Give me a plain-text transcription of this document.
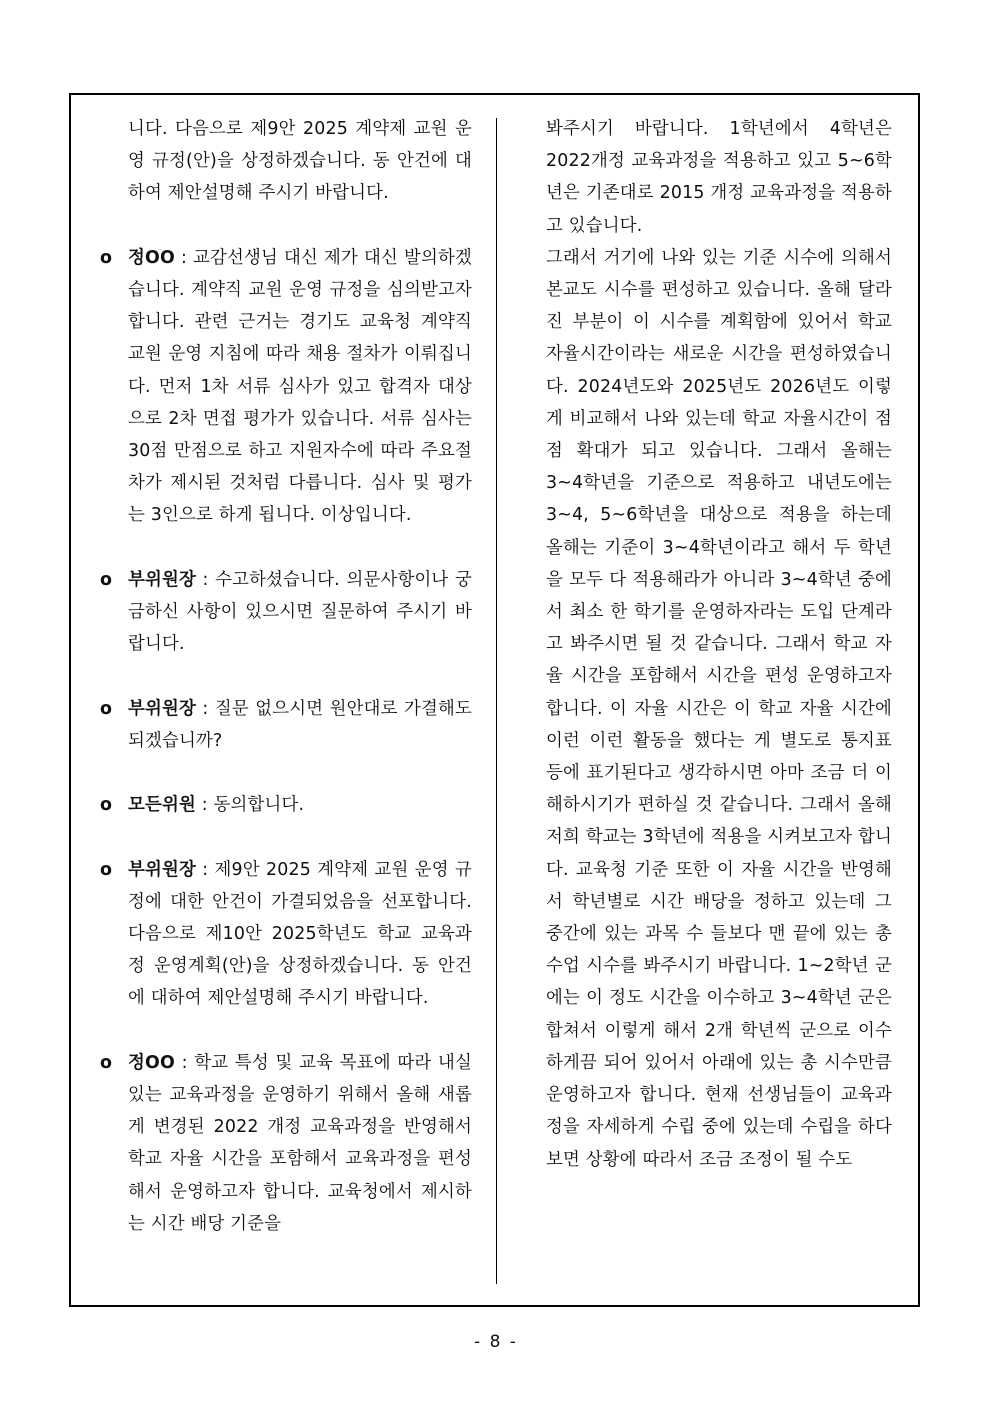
니다. 다음으로 제9안 2025 계약제 교원 운영 규정(안)을 상정하겠습니다. 동 안건에 대하여 제안설명해 주시기 바랍니다.

o 정OO : 교감선생님 대신 제가 대신 발의하겠습니다. 계약직 교원 운영 규정을 심의받고자 합니다. 관련 근거는 경기도 교육청 계약직 교원 운영 지침에 따라 채용 절차가 이뤄집니다. 먼저 1차 서류 심사가 있고 합격자 대상으로 2차 면접 평가가 있습니다. 서류 심사는 30점 만점으로 하고 지원자수에 따라 주요절차가 제시된 것처럼 다릅니다. 심사 및 평가는 3인으로 하게 됩니다. 이상입니다.

o 부위원장 : 수고하셨습니다. 의문사항이나 궁금하신 사항이 있으시면 질문하여 주시기 바랍니다.

o 부위원장 : 질문 없으시면 원안대로 가결해도 되겠습니까?

o 모든위원 : 동의합니다.

o 부위원장 : 제9안 2025 계약제 교원 운영 규정에 대한 안건이 가결되었음을 선포합니다. 다음으로 제10안 2025학년도 학교 교육과정 운영계획(안)을 상정하겠습니다. 동 안건에 대하여 제안설명해 주시기 바랍니다.

o 정OO : 학교 특성 및 교육 목표에 따라 내실 있는 교육과정을 운영하기 위해서 올해 새롭게 변경된 2022 개정 교육과정을 반영해서 학교 자율 시간을 포함해서 교육과정을 편성해서 운영하고자 합니다. 교육청에서 제시하는 시간 배당 기준을

봐주시기 바랍니다. 1학년에서 4학년은 2022개정 교육과정을 적용하고 있고 5~6학년은 기존대로 2015 개정 교육과정을 적용하고 있습니다.

그래서 거기에 나와 있는 기준 시수에 의해서 본교도 시수를 편성하고 있습니다. 올해 달라진 부분이 이 시수를 계획함에 있어서 학교 자율시간이라는 새로운 시간을 편성하였습니다. 2024년도와 2025년도 2026년도 이렇게 비교해서 나와 있는데 학교 자율시간이 점점 확대가 되고 있습니다. 그래서 올해는 3~4학년을 기준으로 적용하고 내년도에는 3~4, 5~6학년을 대상으로 적용을 하는데 올해는 기준이 3~4학년이라고 해서 두 학년을 모두 다 적용해라가 아니라 3~4학년 중에서 최소 한 학기를 운영하자라는 도입 단계라고 봐주시면 될 것 같습니다. 그래서 학교 자율 시간을 포함해서 시간을 편성 운영하고자 합니다. 이 자율 시간은 이 학교 자율 시간에 이런 이런 활동을 했다는 게 별도로 통지표 등에 표기된다고 생각하시면 아마 조금 더 이해하시기가 편하실 것 같습니다. 그래서 올해 저희 학교는 3학년에 적용을 시켜보고자 합니다. 교육청 기준 또한 이 자율 시간을 반영해서 학년별로 시간 배당을 정하고 있는데 그 중간에 있는 과목 수 들보다 맨 끝에 있는 총 수업 시수를 봐주시기 바랍니다. 1~2학년 군에는 이 정도 시간을 이수하고 3~4학년 군은 합쳐서 이렇게 해서 2개 학년씩 군으로 이수하게끔 되어 있어서 아래에 있는 총 시수만큼 운영하고자 합니다. 현재 선생님들이 교육과정을 자세하게 수립 중에 있는데 수립을 하다 보면 상황에 따라서 조금 조정이 될 수도

- 8 -
